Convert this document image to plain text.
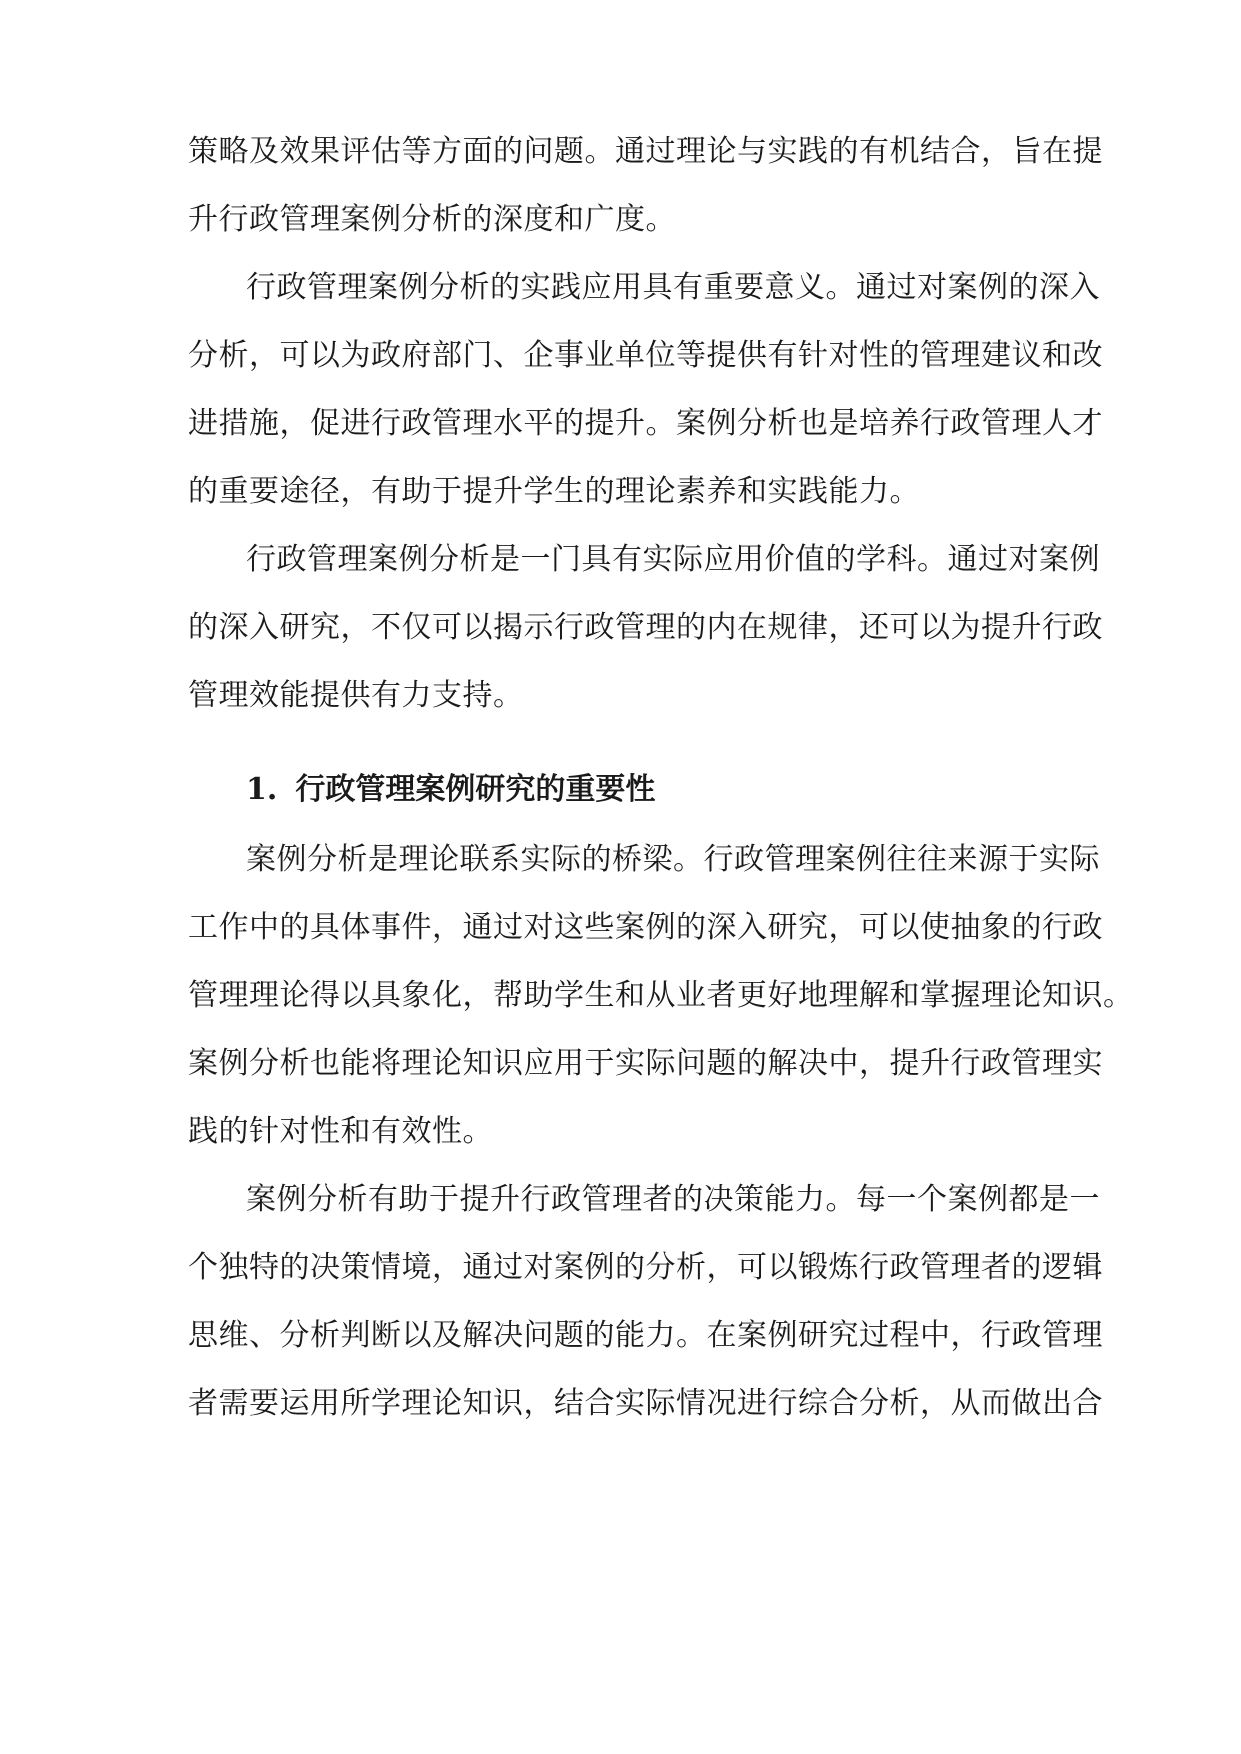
策略及效果评估等方面的问题。通过理论与实践的有机结合，旨在提
升行政管理案例分析的深度和广度。
行政管理案例分析的实践应用具有重要意义。通过对案例的深入
分析，可以为政府部门、企事业单位等提供有针对性的管理建议和改
进措施，促进行政管理水平的提升。案例分析也是培养行政管理人才
的重要途径，有助于提升学生的理论素养和实践能力。
行政管理案例分析是一门具有实际应用价值的学科。通过对案例
的深入研究，不仅可以揭示行政管理的内在规律，还可以为提升行政
管理效能提供有力支持。
1. 行政管理案例研究的重要性
案例分析是理论联系实际的桥梁。行政管理案例往往来源于实际
工作中的具体事件，通过对这些案例的深入研究，可以使抽象的行政
管理理论得以具象化，帮助学生和从业者更好地理解和掌握理论知识。
案例分析也能将理论知识应用于实际问题的解决中，提升行政管理实
践的针对性和有效性。
案例分析有助于提升行政管理者的决策能力。每一个案例都是一
个独特的决策情境，通过对案例的分析，可以锻炼行政管理者的逻辑
思维、分析判断以及解决问题的能力。在案例研究过程中，行政管理
者需要运用所学理论知识，结合实际情况进行综合分析，从而做出合
